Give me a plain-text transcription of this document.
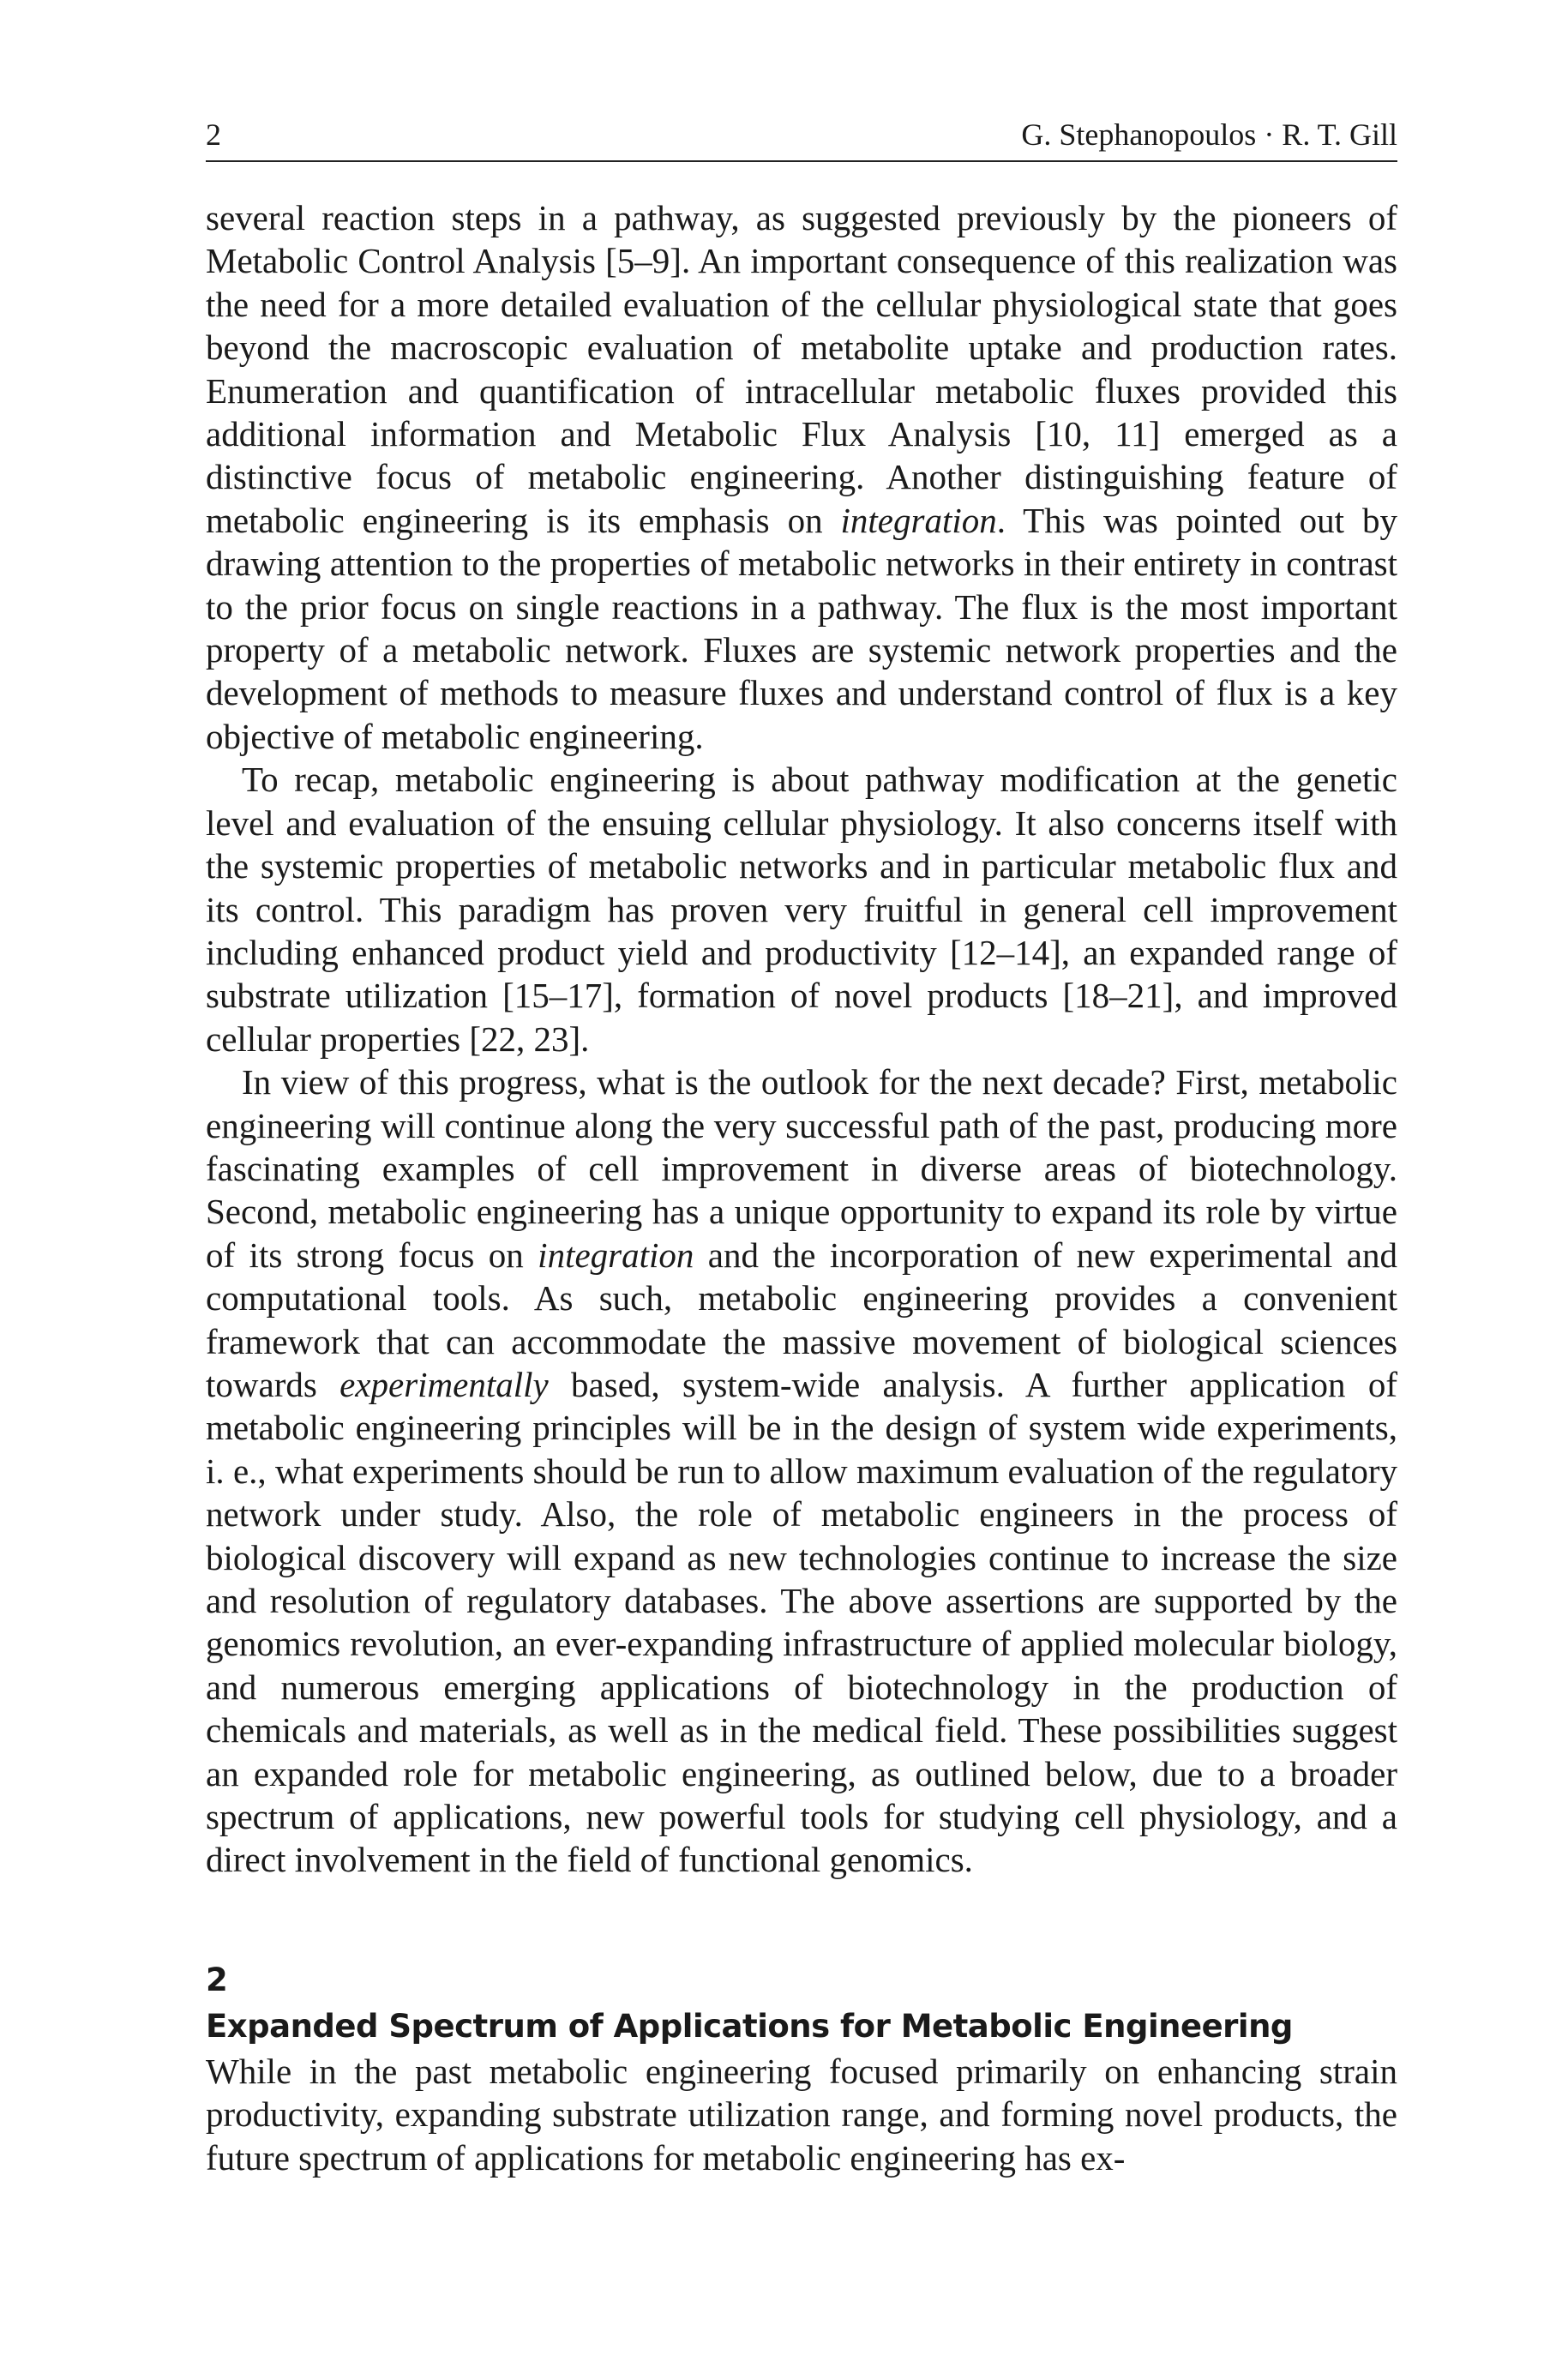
2	G. Stephanopoulos · R. T. Gill

several reaction steps in a pathway, as suggested previously by the pioneers of Metabolic Control Analysis [5–9]. An important consequence of this realization was the need for a more detailed evaluation of the cellular physiological state that goes beyond the macroscopic evaluation of metabolite uptake and production rates. Enumeration and quantification of intracellular metabolic fluxes provided this additional information and Metabolic Flux Analysis [10, 11] emerged as a distinctive focus of metabolic engineering. Another distinguishing feature of metabolic engineering is its emphasis on integration. This was pointed out by drawing attention to the properties of metabolic networks in their entirety in contrast to the prior focus on single reactions in a pathway. The flux is the most important property of a metabolic network. Fluxes are systemic network properties and the development of methods to measure fluxes and understand control of flux is a key objective of metabolic engineering.

To recap, metabolic engineering is about pathway modification at the genetic level and evaluation of the ensuing cellular physiology. It also concerns itself with the systemic properties of metabolic networks and in particular metabolic flux and its control. This paradigm has proven very fruitful in general cell improvement including enhanced product yield and productivity [12–14], an expanded range of substrate utilization [15–17], formation of novel products [18–21], and improved cellular properties [22, 23].

In view of this progress, what is the outlook for the next decade? First, metabolic engineering will continue along the very successful path of the past, producing more fascinating examples of cell improvement in diverse areas of biotechnology. Second, metabolic engineering has a unique opportunity to expand its role by virtue of its strong focus on integration and the incorporation of new experimental and computational tools. As such, metabolic engineering provides a convenient framework that can accommodate the massive movement of biological sciences towards experimentally based, system-wide analysis. A further application of metabolic engineering principles will be in the design of system wide experiments, i. e., what experiments should be run to allow maximum evaluation of the regulatory network under study. Also, the role of metabolic engineers in the process of biological discovery will expand as new technologies continue to increase the size and resolution of regulatory databases. The above assertions are supported by the genomics revolution, an ever-expanding infrastructure of applied molecular biology, and numerous emerging applications of biotechnology in the production of chemicals and materials, as well as in the medical field. These possibilities suggest an expanded role for metabolic engineering, as outlined below, due to a broader spectrum of applications, new powerful tools for studying cell physiology, and a direct involvement in the field of functional genomics.

2
Expanded Spectrum of Applications for Metabolic Engineering

While in the past metabolic engineering focused primarily on enhancing strain productivity, expanding substrate utilization range, and forming novel products, the future spectrum of applications for metabolic engineering has ex-
